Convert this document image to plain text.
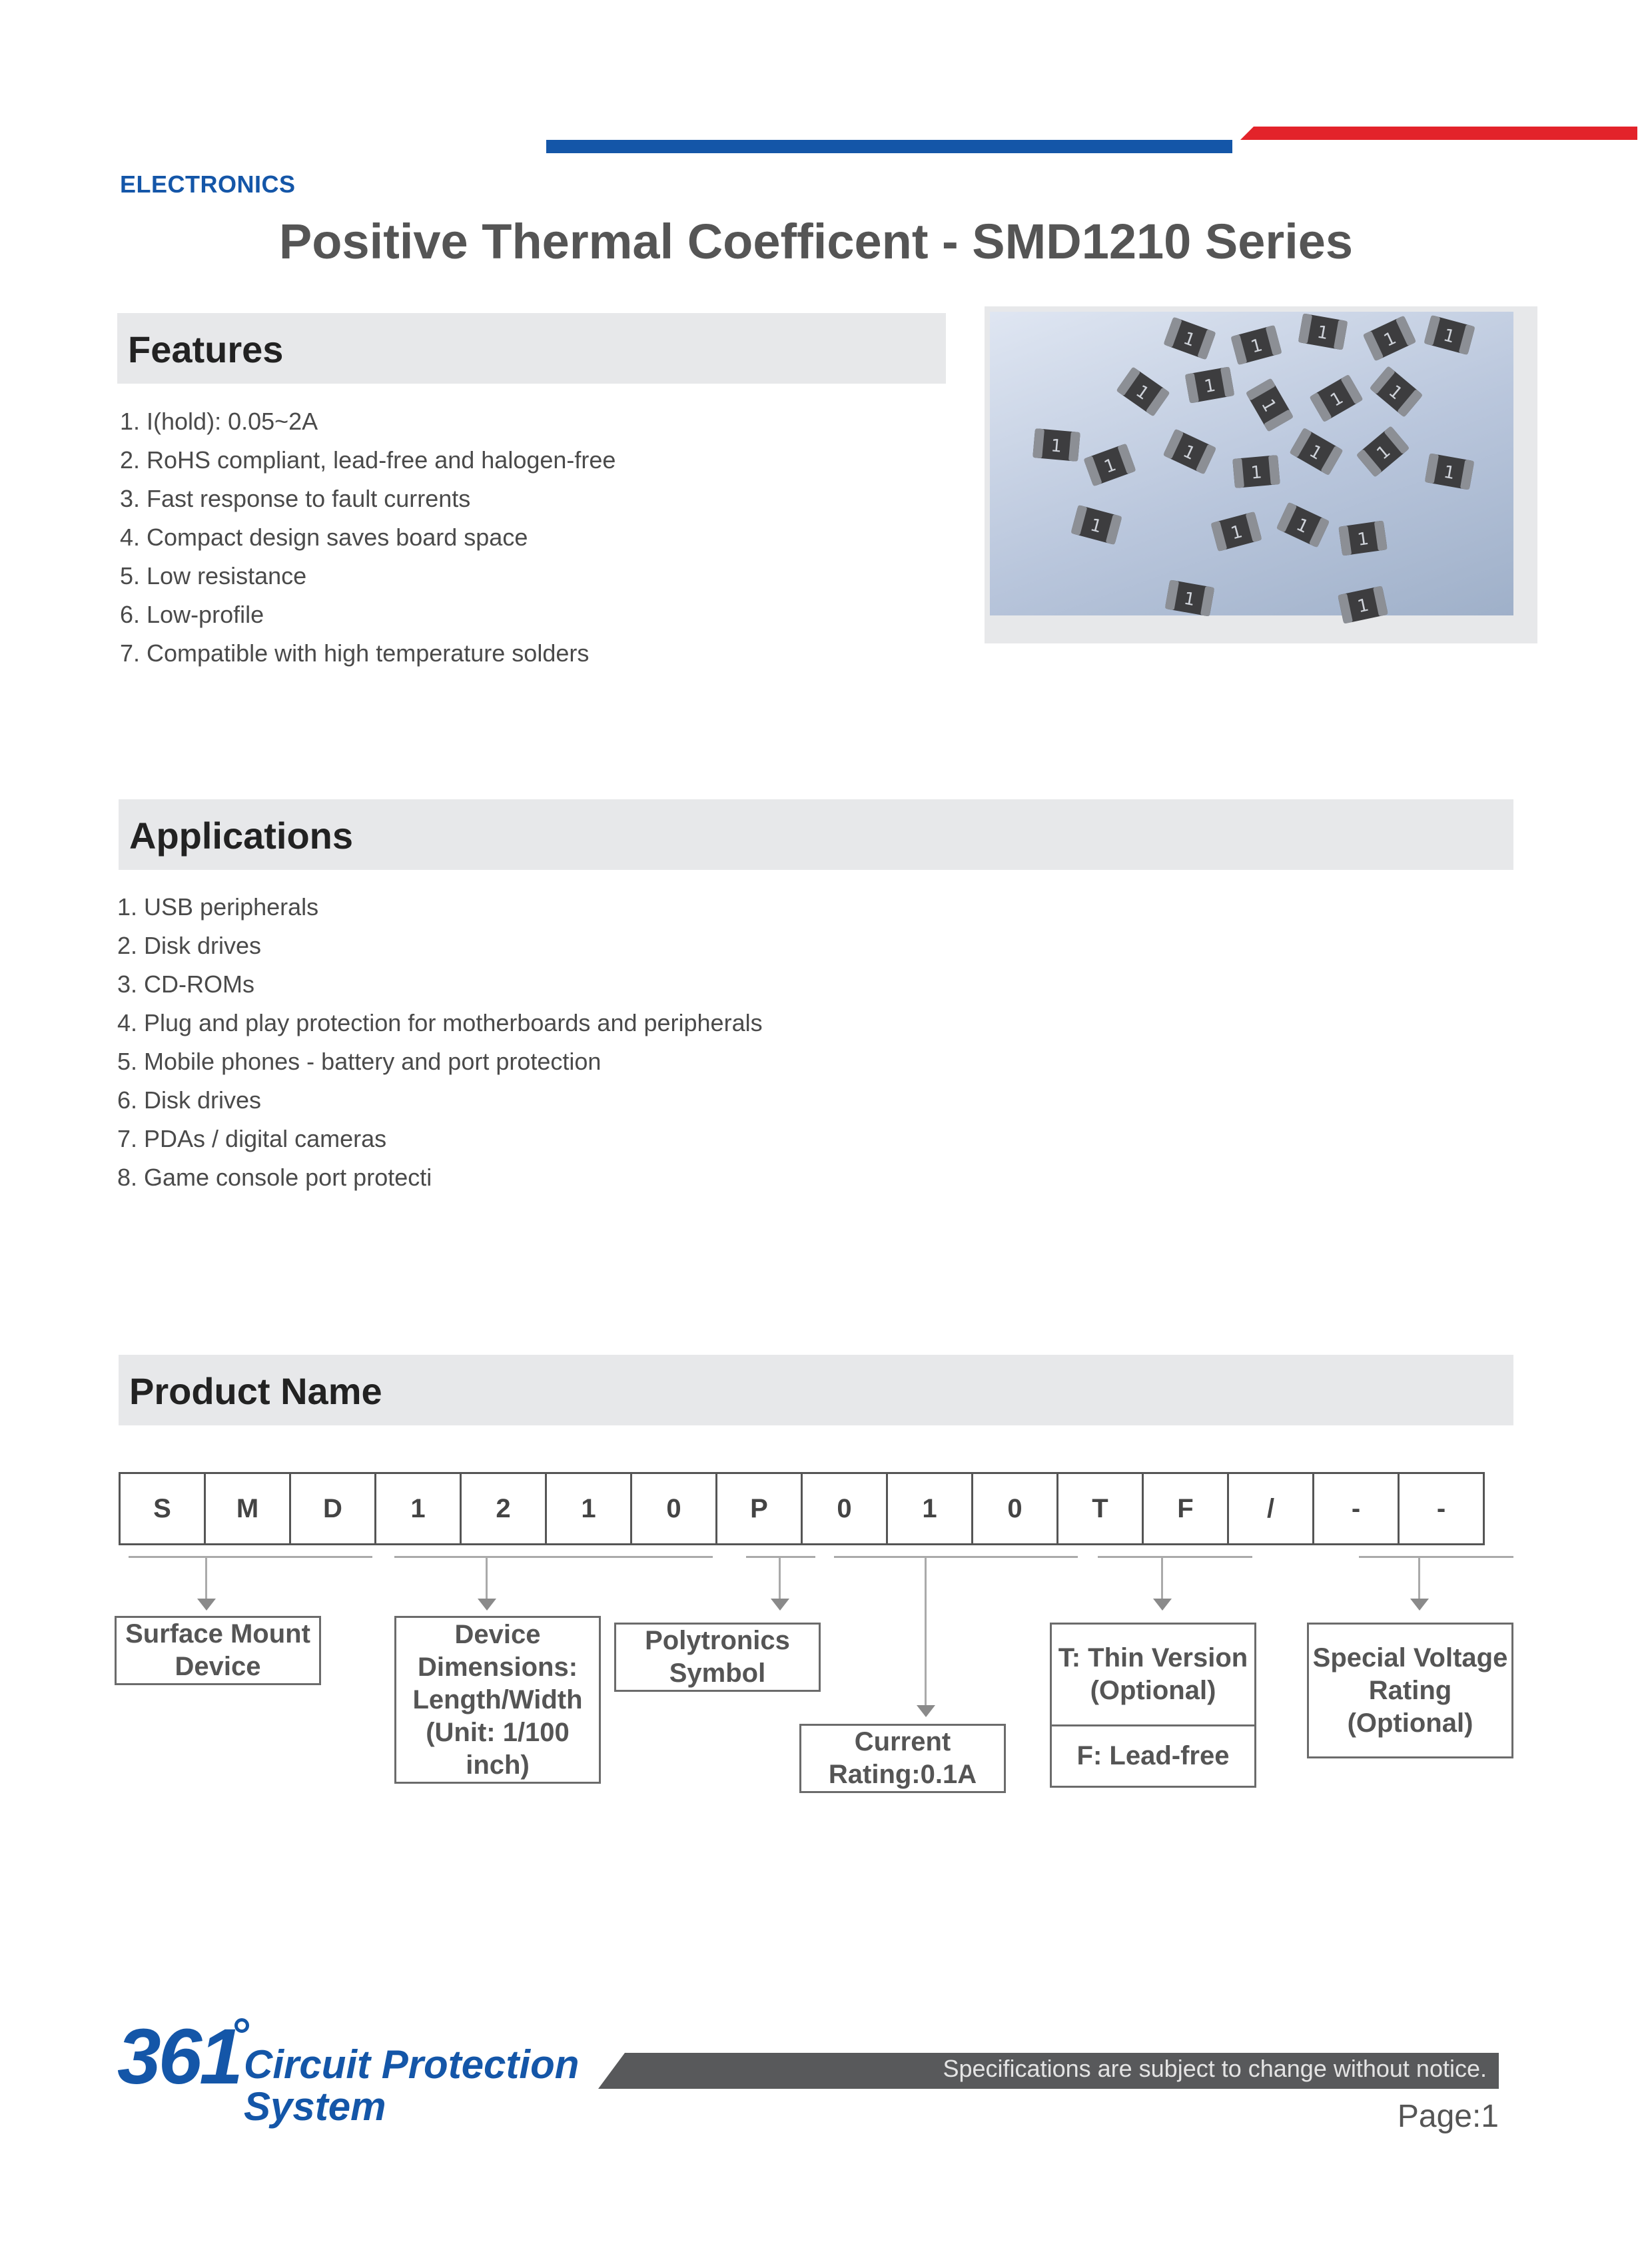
ELECTRONICS
Positive Thermal Coefficent - SMD1210 Series
Features
1. I(hold): 0.05~2A
2. RoHS compliant, lead-free and halogen-free
3. Fast response to fault currents
4. Compact design saves board space
5. Low resistance
6. Low-profile
7. Compatible with high temperature solders
1
Applications
1. USB peripherals
2. Disk drives
3. CD-ROMs
4. Plug and play protection for motherboards and peripherals
5. Mobile phones - battery and port protection
6. Disk drives
7. PDAs / digital cameras
8. Game console port protecti
Product Name
S	M	D	1	2	1	0	P	0	1	0	T	F	/	-	-
Surface Mount Device
Device Dimensions: Length/Width (Unit: 1/100 inch)
Polytronics Symbol
Current Rating:0.1A
T: Thin Version (Optional)
F: Lead-free
Special Voltage Rating (Optional)
361 Circuit Protection
System
Specifications are subject to change without notice.
Page:1
